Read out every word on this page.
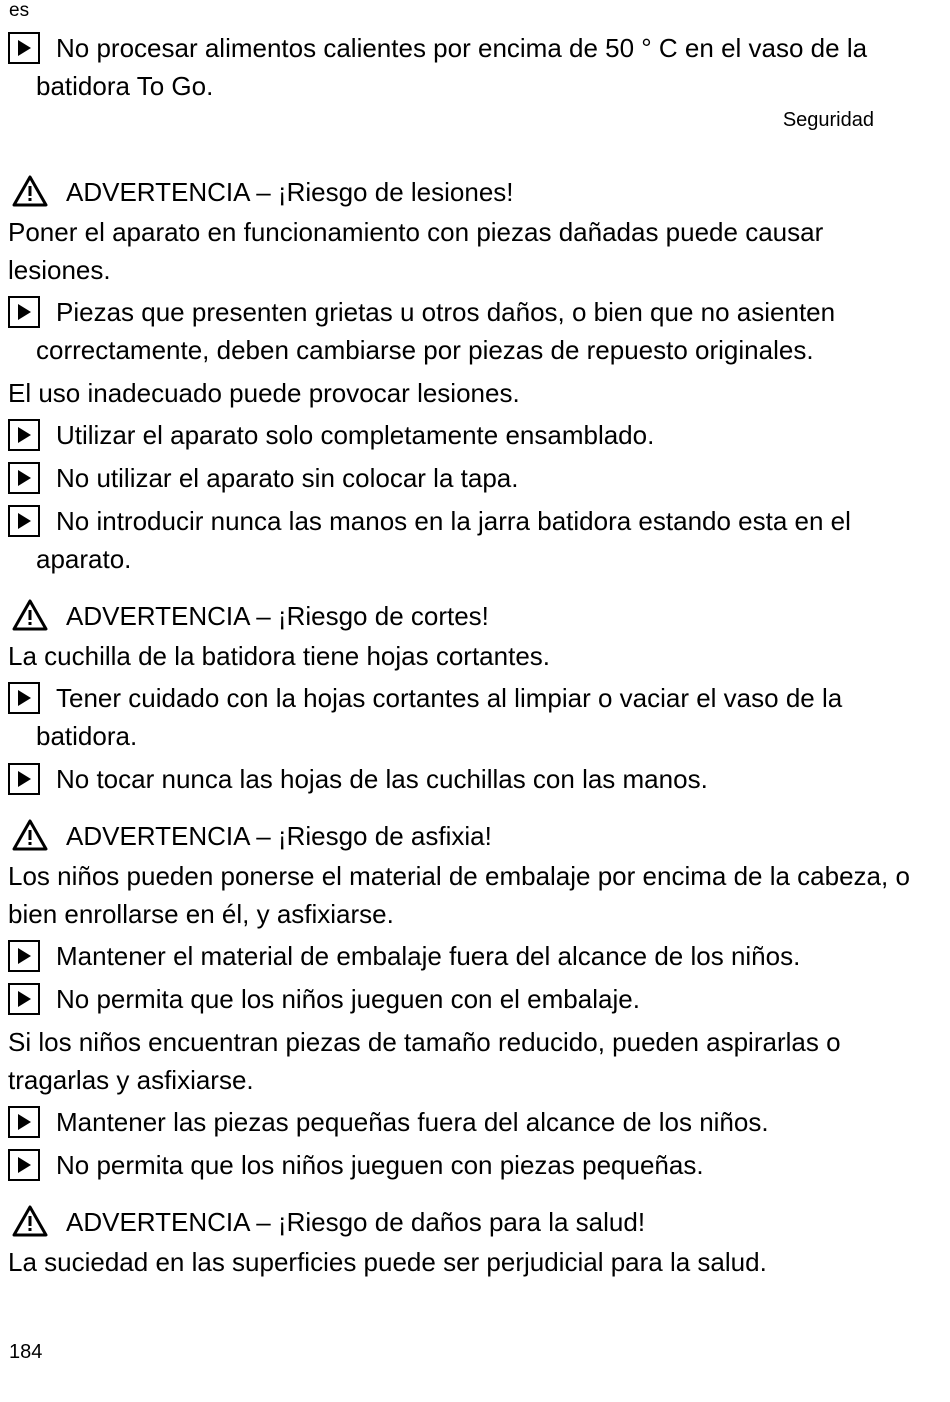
es
Seguridad
No procesar alimentos calientes por encima de 50 ° C en el vaso de la batidora To Go.
ADVERTENCIA – ¡Riesgo de lesiones!
Poner el aparato en funcionamiento con piezas dañadas puede causar lesiones.
Piezas que presenten grietas u otros daños, o bien que no asienten correctamente, deben cambiarse por piezas de repuesto originales.
El uso inadecuado puede provocar lesiones.
Utilizar el aparato solo completamente ensamblado.
No utilizar el aparato sin colocar la tapa.
No introducir nunca las manos en la jarra batidora estando esta en el aparato.
ADVERTENCIA – ¡Riesgo de cortes!
La cuchilla de la batidora tiene hojas cortantes.
Tener cuidado con la hojas cortantes al limpiar o vaciar el vaso de la batidora.
No tocar nunca las hojas de las cuchillas con las manos.
ADVERTENCIA – ¡Riesgo de asfixia!
Los niños pueden ponerse el material de embalaje por encima de la cabeza, o bien enrollarse en él, y asfixiarse.
Mantener el material de embalaje fuera del alcance de los niños.
No permita que los niños jueguen con el embalaje.
Si los niños encuentran piezas de tamaño reducido, pueden aspirarlas o tragarlas y asfixiarse.
Mantener las piezas pequeñas fuera del alcance de los niños.
No permita que los niños jueguen con piezas pequeñas.
ADVERTENCIA – ¡Riesgo de daños para la salud!
La suciedad en las superficies puede ser perjudicial para la salud.
184
